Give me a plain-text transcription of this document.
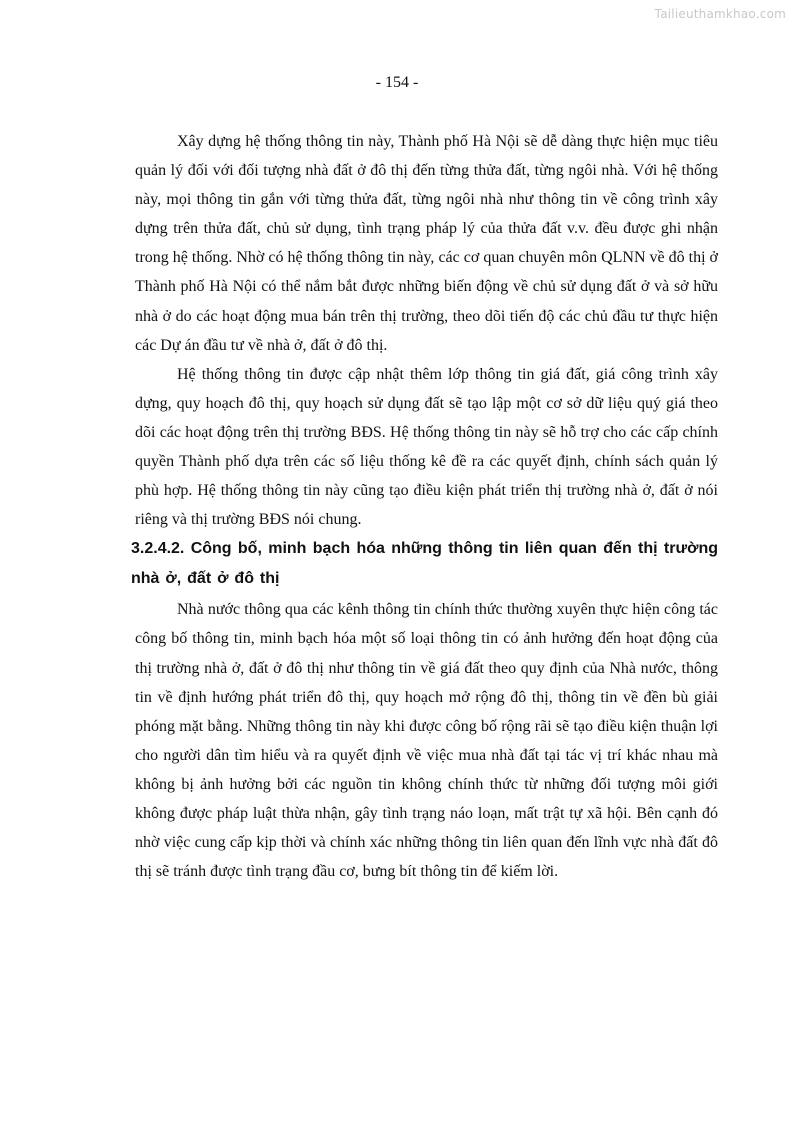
Tailieuthamkhao.com
- 154 -

Xây dựng hệ thống thông tin này, Thành phố Hà Nội sẽ dễ dàng thực hiện mục tiêu quản lý đối với đối tượng nhà đất ở đô thị đến từng thửa đất, từng ngôi nhà. Với hệ thống này, mọi thông tin gắn với từng thửa đất, từng ngôi nhà như thông tin về công trình xây dựng trên thửa đất, chủ sử dụng, tình trạng pháp lý của thửa đất v.v. đều được ghi nhận trong hệ thống. Nhờ có hệ thống thông tin này, các cơ quan chuyên môn QLNN về đô thị ở Thành phố Hà Nội có thể nắm bắt được những biến động về chủ sử dụng đất ở và sở hữu nhà ở do các hoạt động mua bán trên thị trường, theo dõi tiến độ các chủ đầu tư thực hiện các Dự án đầu tư về nhà ở, đất ở đô thị.

Hệ thống thông tin được cập nhật thêm lớp thông tin giá đất, giá công trình xây dựng, quy hoạch đô thị, quy hoạch sử dụng đất sẽ tạo lập một cơ sở dữ liệu quý giá theo dõi các hoạt động trên thị trường BĐS. Hệ thống thông tin này sẽ hỗ trợ cho các cấp chính quyền Thành phố dựa trên các số liệu thống kê đề ra các quyết định, chính sách quản lý phù hợp. Hệ thống thông tin này cũng tạo điều kiện phát triển thị trường nhà ở, đất ở nói riêng và thị trường BĐS nói chung.

3.2.4.2. Công bố, minh bạch hóa những thông tin liên quan đến thị trường nhà ở, đất ở đô thị

Nhà nước thông qua các kênh thông tin chính thức thường xuyên thực hiện công tác công bố thông tin, minh bạch hóa một số loại thông tin có ảnh hưởng đến hoạt động của thị trường nhà ở, đất ở đô thị như thông tin về giá đất theo quy định của Nhà nước, thông tin về định hướng phát triển đô thị, quy hoạch mở rộng đô thị, thông tin về đền bù giải phóng mặt bằng. Những thông tin này khi được công bố rộng rãi sẽ tạo điều kiện thuận lợi cho người dân tìm hiểu và ra quyết định về việc mua nhà đất tại tác vị trí khác nhau mà không bị ảnh hưởng bởi các nguồn tin không chính thức từ những đối tượng môi giới không được pháp luật thừa nhận, gây tình trạng náo loạn, mất trật tự xã hội. Bên cạnh đó nhờ việc cung cấp kịp thời và chính xác những thông tin liên quan đến lĩnh vực nhà đất đô thị sẽ tránh được tình trạng đầu cơ, bưng bít thông tin để kiếm lời.
